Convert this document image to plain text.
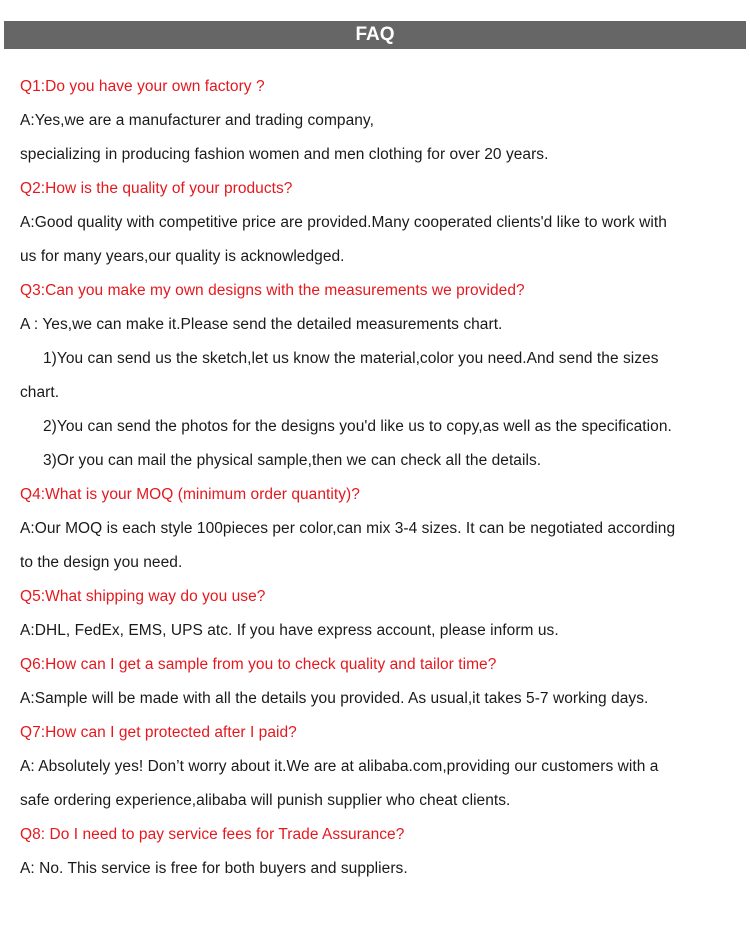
FAQ
Q1:Do you have your own factory ?
A:Yes,we are a manufacturer and trading company,
specializing in producing fashion women and men clothing for over 20 years.
Q2:How is the quality of your products?
A:Good quality with competitive price are provided.Many cooperated clients'd like to work with
us for many years,our quality is acknowledged.
Q3:Can you make my own designs with the measurements we provided?
A : Yes,we can make it.Please send the detailed measurements chart.
1)You can send us the sketch,let us know the material,color you need.And send the sizes
chart.
2)You can send the photos for the designs you'd like us to copy,as well as the specification.
3)Or you can mail the physical sample,then we can check all the details.
Q4:What is your MOQ (minimum order quantity)?
A:Our MOQ is each style 100pieces per color,can mix 3-4 sizes. It can be negotiated according
to the design you need.
Q5:What shipping way do you use?
A:DHL, FedEx, EMS, UPS atc. If you have express account, please inform us.
Q6:How can I get a sample from you to check quality and tailor time?
A:Sample will be made with all the details you provided. As usual,it takes 5-7 working days.
Q7:How can I get protected after I paid?
A: Absolutely yes! Don’t worry about it.We are at alibaba.com,providing our customers with a
safe ordering experience,alibaba will punish supplier who cheat clients.
Q8: Do I need to pay service fees for Trade Assurance?
A: No. This service is free for both buyers and suppliers.
